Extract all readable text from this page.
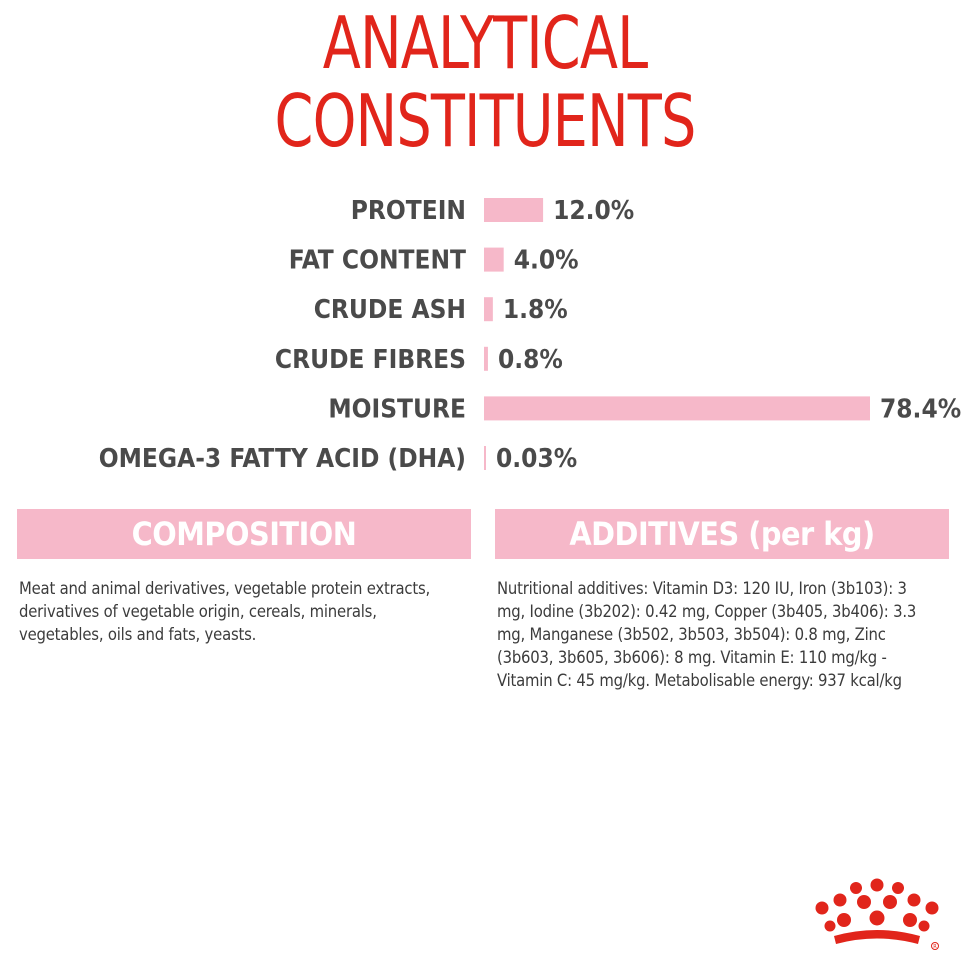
ANALYTICAL
CONSTITUENTS
PROTEIN	12.0%
FAT CONTENT 4.0%
CRUDE ASH 1.8%
CRUDE FIBRES 0.8%
MOISTURE	78.4%
OMEGA-3 FATTY ACID (DHA) 0.03%
COMPOSITION	ADDITIVES (per kg)
Meat and animal derivatives, vegetable protein extracts, derivatives of vegetable origin, cereals, minerals, vegetables, oils and fats, yeasts.
Nutritional additives: Vitamin D3: 120 IU, Iron (3b103): 3 mg, Iodine (3b202): 0.42 mg, Copper (3b405, 3b406): 3.3 mg, Manganese (3b502, 3b503, 3b504): 0.8 mg, Zinc (3b603, 3b605, 3b606): 8 mg. Vitamin E: 110 mg/kg - Vitamin C: 45 mg/kg. Metabolisable energy: 937 kcal/kg
R
